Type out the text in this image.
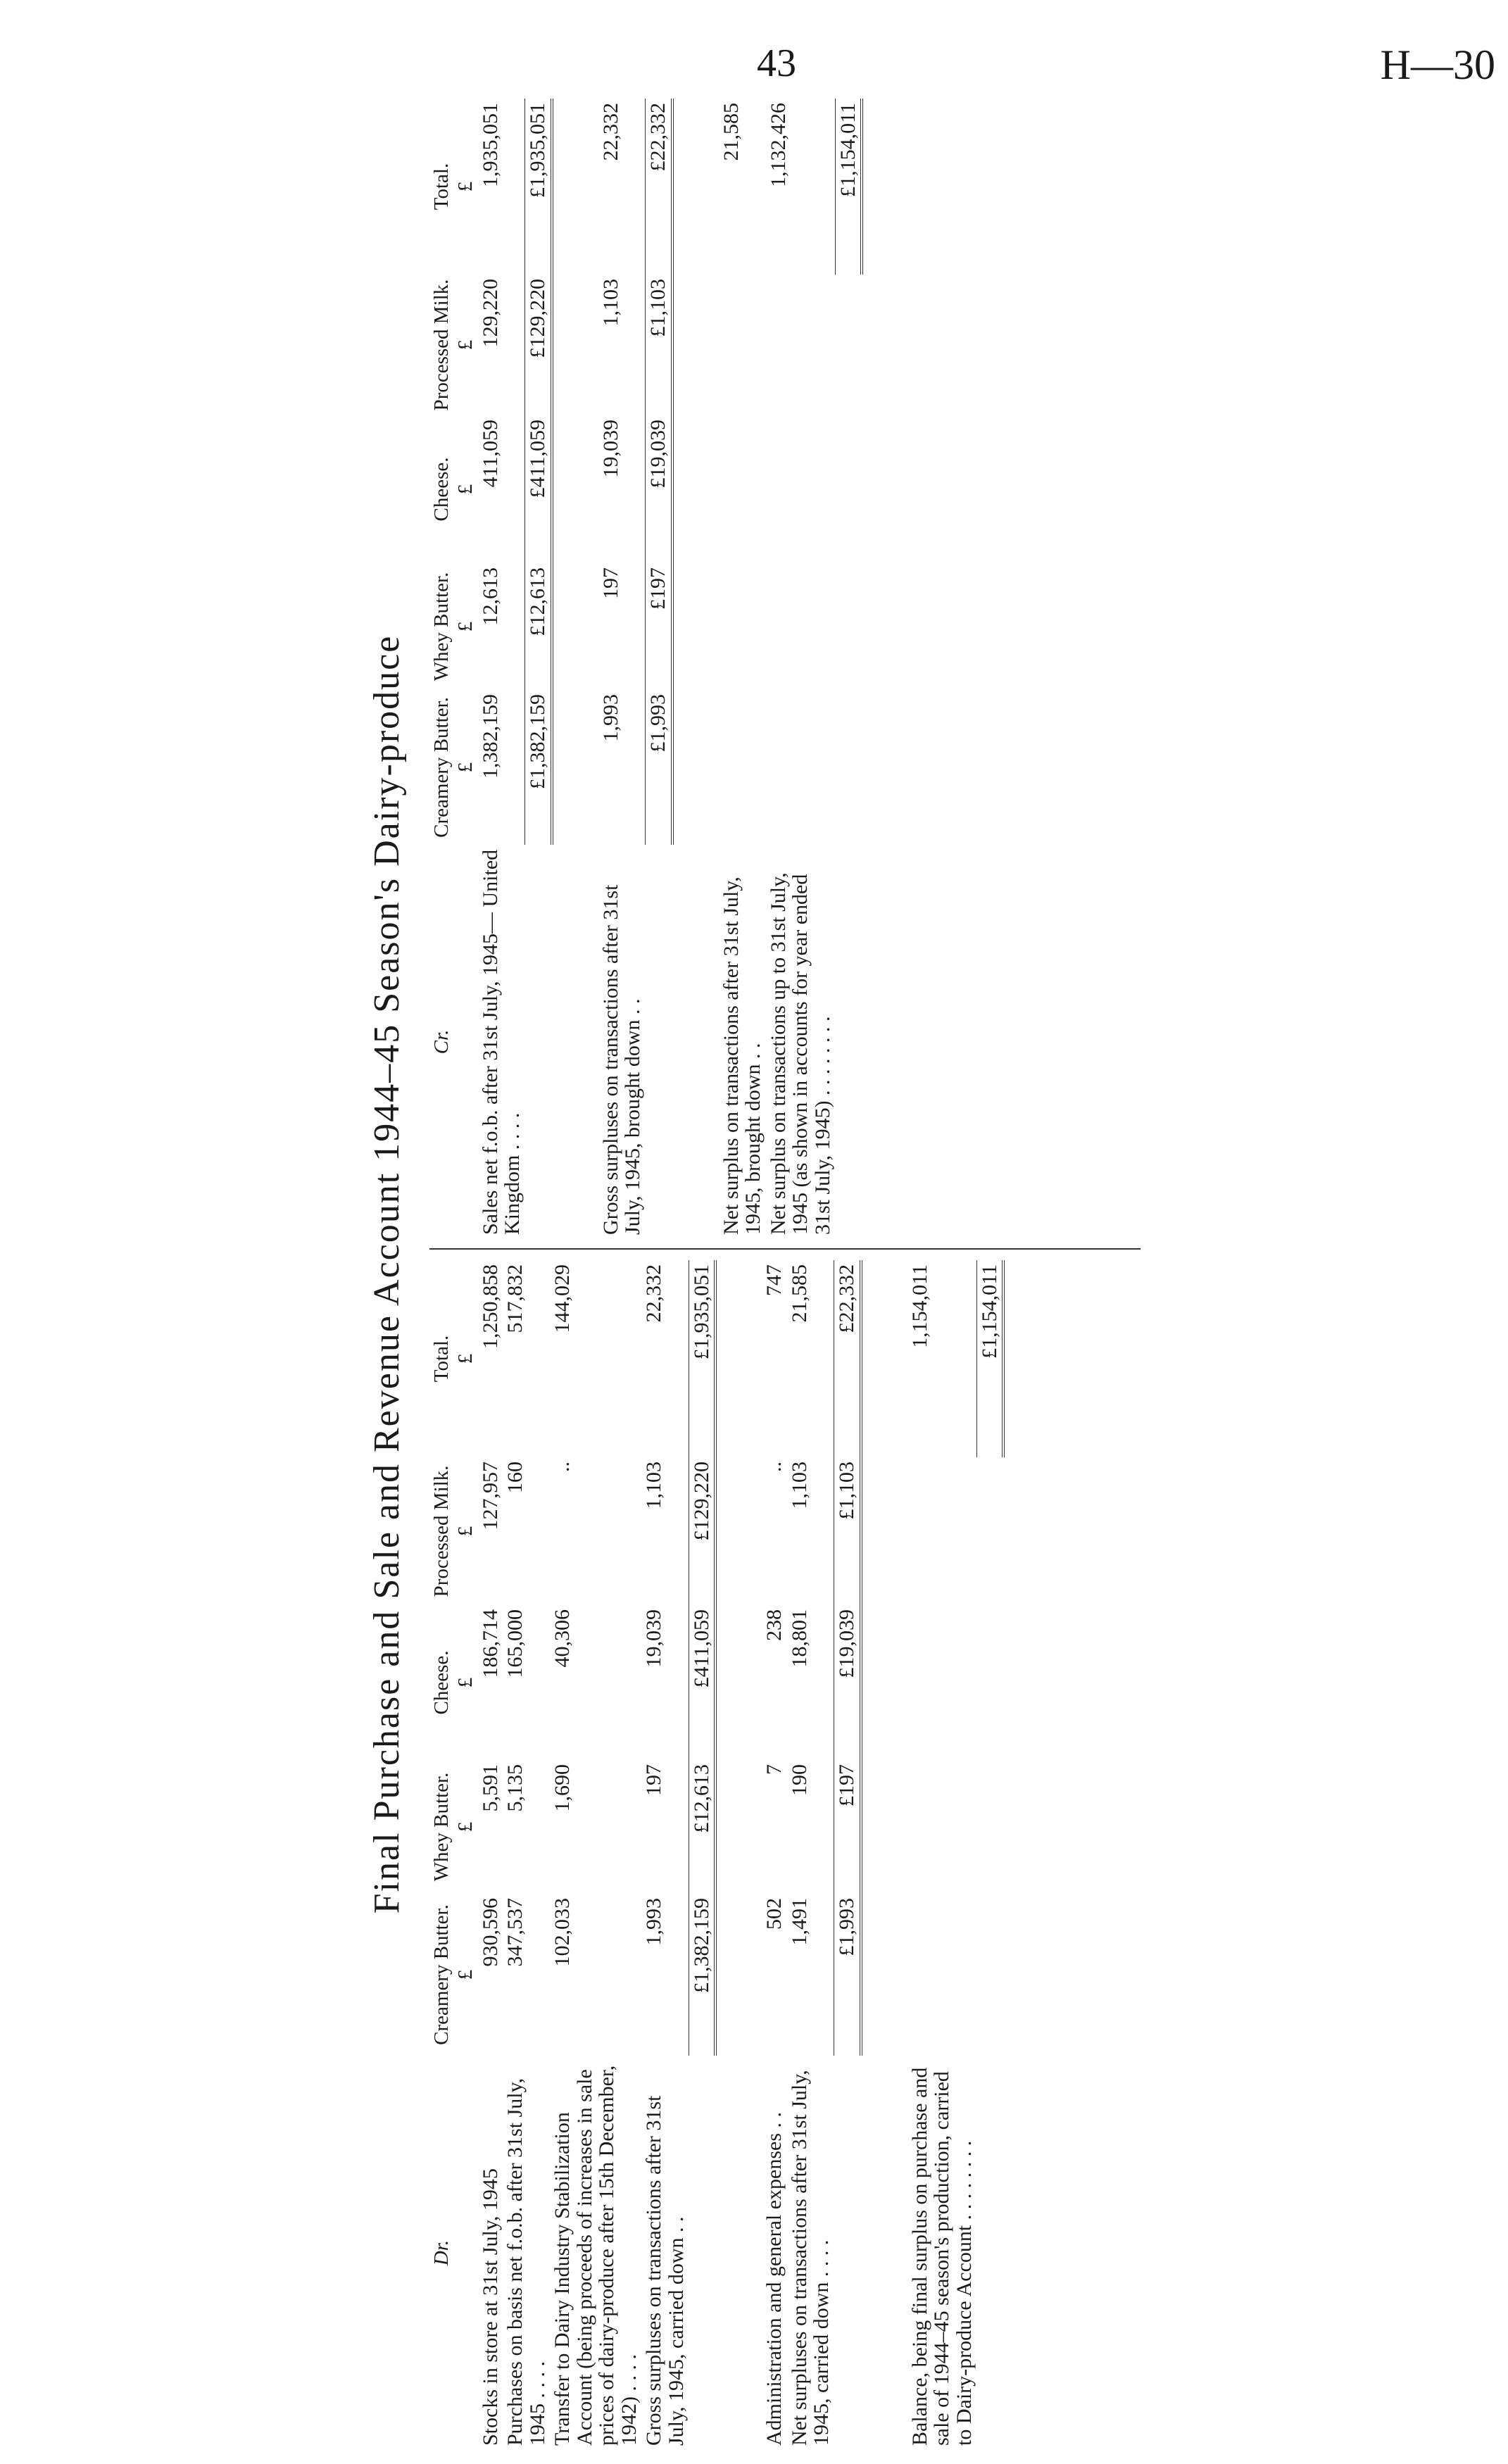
43	H—30
Final Purchase and Sale and Revenue Account 1944–45 Season's Dairy-produce
Dr.	Creamery Butter.	Whey Butter.	Cheese.	Processed Milk.	Total.
	£	£	£	£	£
Stocks in store at 31st July, 1945	930,596	5,591	186,714	127,957	1,250,858
Purchases on basis net f.o.b. after 31st July, 1945 . . . .	347,537	5,135	165,000	160	517,832
Transfer to Dairy Industry Stabilization Account (being proceeds of increases in sale prices of dairy-produce after 15th December, 1942) . . . .	102,033	1,690	40,306	..	144,029
Gross surpluses on transactions after 31st July, 1945, carried down . .	1,993	197	19,039	1,103	22,332
	£1,382,159	£12,613	£411,059	£129,220	£1,935,051

Administration and general expenses . .	502	7	238	..	747
Net surpluses on transactions after 31st July, 1945, carried down . . . .	1,491	190	18,801	1,103	21,585
	£1,993	£197	£19,039	£1,103	£22,332

Balance, being final surplus on purchase and sale of 1944–45 season's production, carried to Dairy-produce Account . . . . . . . .					1,154,011
					£1,154,011
Cr.	Creamery Butter.	Whey Butter.	Cheese.	Processed Milk.	Total.
	£	£	£	£	£
Sales net f.o.b. after 31st July, 1945— United Kingdom . . . .	1,382,159	12,613	411,059	129,220	1,935,051
	£1,382,159	£12,613	£411,059	£129,220	£1,935,051

Gross surpluses on transactions after 31st July, 1945, brought down . .	1,993	197	19,039	1,103	22,332
	£1,993	£197	£19,039	£1,103	£22,332

Net surplus on transactions after 31st July, 1945, brought down . .					21,585
Net surplus on transactions up to 31st July, 1945 (as shown in accounts for year ended 31st July, 1945) . . . . . . . .					1,132,426
					£1,154,011
